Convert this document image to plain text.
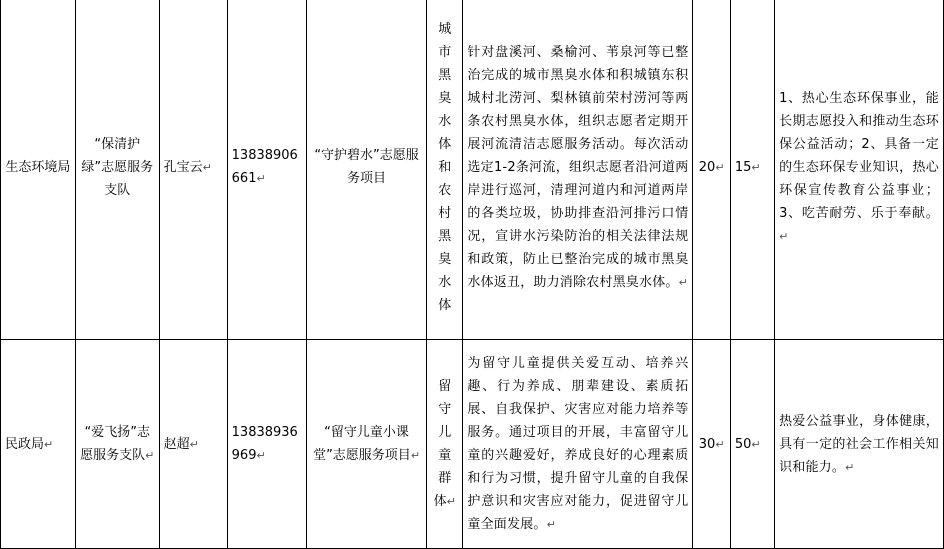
生态环境局	“保清护绿”志愿服务支队	孔宝云↵	13838906661↵	“守护碧水”志愿服务项目	城市黑臭水体和农村黑臭水体	针对盘溪河、桑榆河、苇泉河等已整治完成的城市黑臭水体和积城镇东积城村北涝河、梨林镇前荣村涝河等两条农村黑臭水体，组织志愿者定期开展河流清洁志愿服务活动。每次活动选定1-2条河流，组织志愿者沿河道两岸进行巡河，清理河道内和河道两岸的各类垃圾，协助排查沿河排污口情况，宣讲水污染防治的相关法律法规和政策，防止已整治完成的城市黑臭水体返丑，助力消除农村黑臭水体。↵	20↵	15↵	1、热心生态环保事业，能长期志愿投入和推动生态环保公益活动；2、具备一定的生态环保专业知识，热心环保宣传教育公益事业；3、吃苦耐劳、乐于奉献。↵
民政局↵	“爱飞扬”志愿服务支队↵	赵超↵	13838936969↵	“留守儿童小课堂”志愿服务项目↵	留守儿童群体↵	为留守儿童提供关爱互动、培养兴趣、行为养成、朋辈建设、素质拓展、自我保护、灾害应对能力培养等服务。通过项目的开展，丰富留守儿童的兴趣爱好，养成良好的心理素质和行为习惯，提升留守儿童的自我保护意识和灾害应对能力，促进留守儿童全面发展。↵	30↵	50↵	热爱公益事业，身体健康，具有一定的社会工作相关知识和能力。↵
